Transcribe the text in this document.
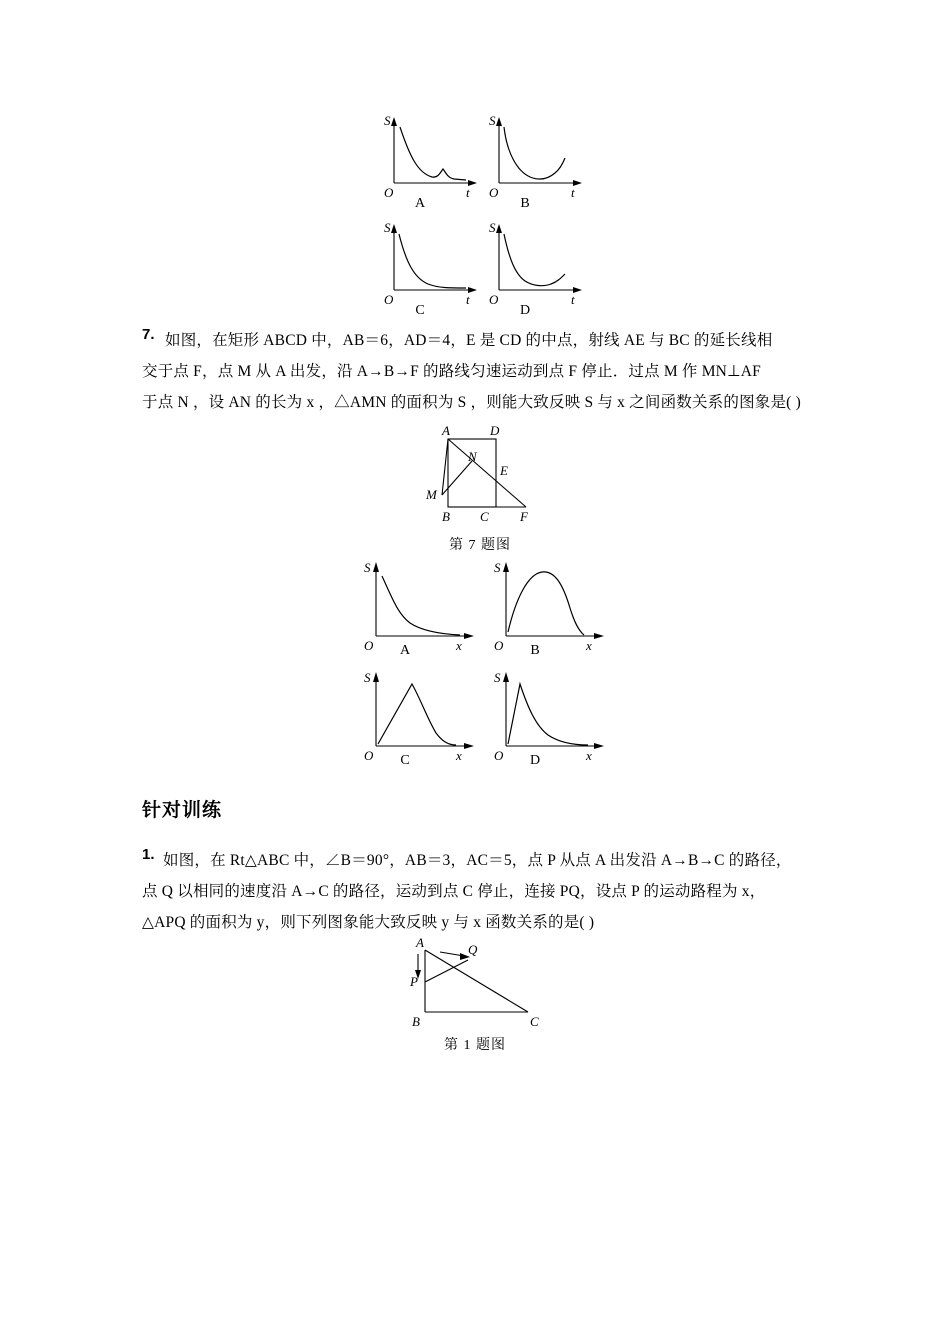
S
O	t
A
S
O	t
B
S
O	t
C
S
O	t
D
7. 如图，在矩形 ABCD 中，AB＝6，AD＝4，E 是 CD 的中点，射线 AE 与 BC 的延长线相
交于点 F，点 M 从 A 出发，沿 A→B→F 的路线匀速运动到点 F 停止．过点 M 作 MN⊥AF
于点 N ，设 AN 的长为 x ，△AMN 的面积为 S ，则能大致反映 S 与 x 之间函数关系的图象是( )
A	D
N
E
M
B C F
第 7 题图
S
O	x
A
S
O	x
B
S
O	x
C
S
O	x
D
针对训练
1. 如图，在 Rt△ABC 中，∠B＝90°，AB＝3，AC＝5，点 P 从点 A 出发沿 A→B→C 的路径，
点 Q 以相同的速度沿 A→C 的路径，运动到点 C 停止，连接 PQ，设点 P 的运动路程为 x，
△APQ 的面积为 y，则下列图象能大致反映 y 与 x 函数关系的是( )
A	Q
P
B	C
第 1 题图
